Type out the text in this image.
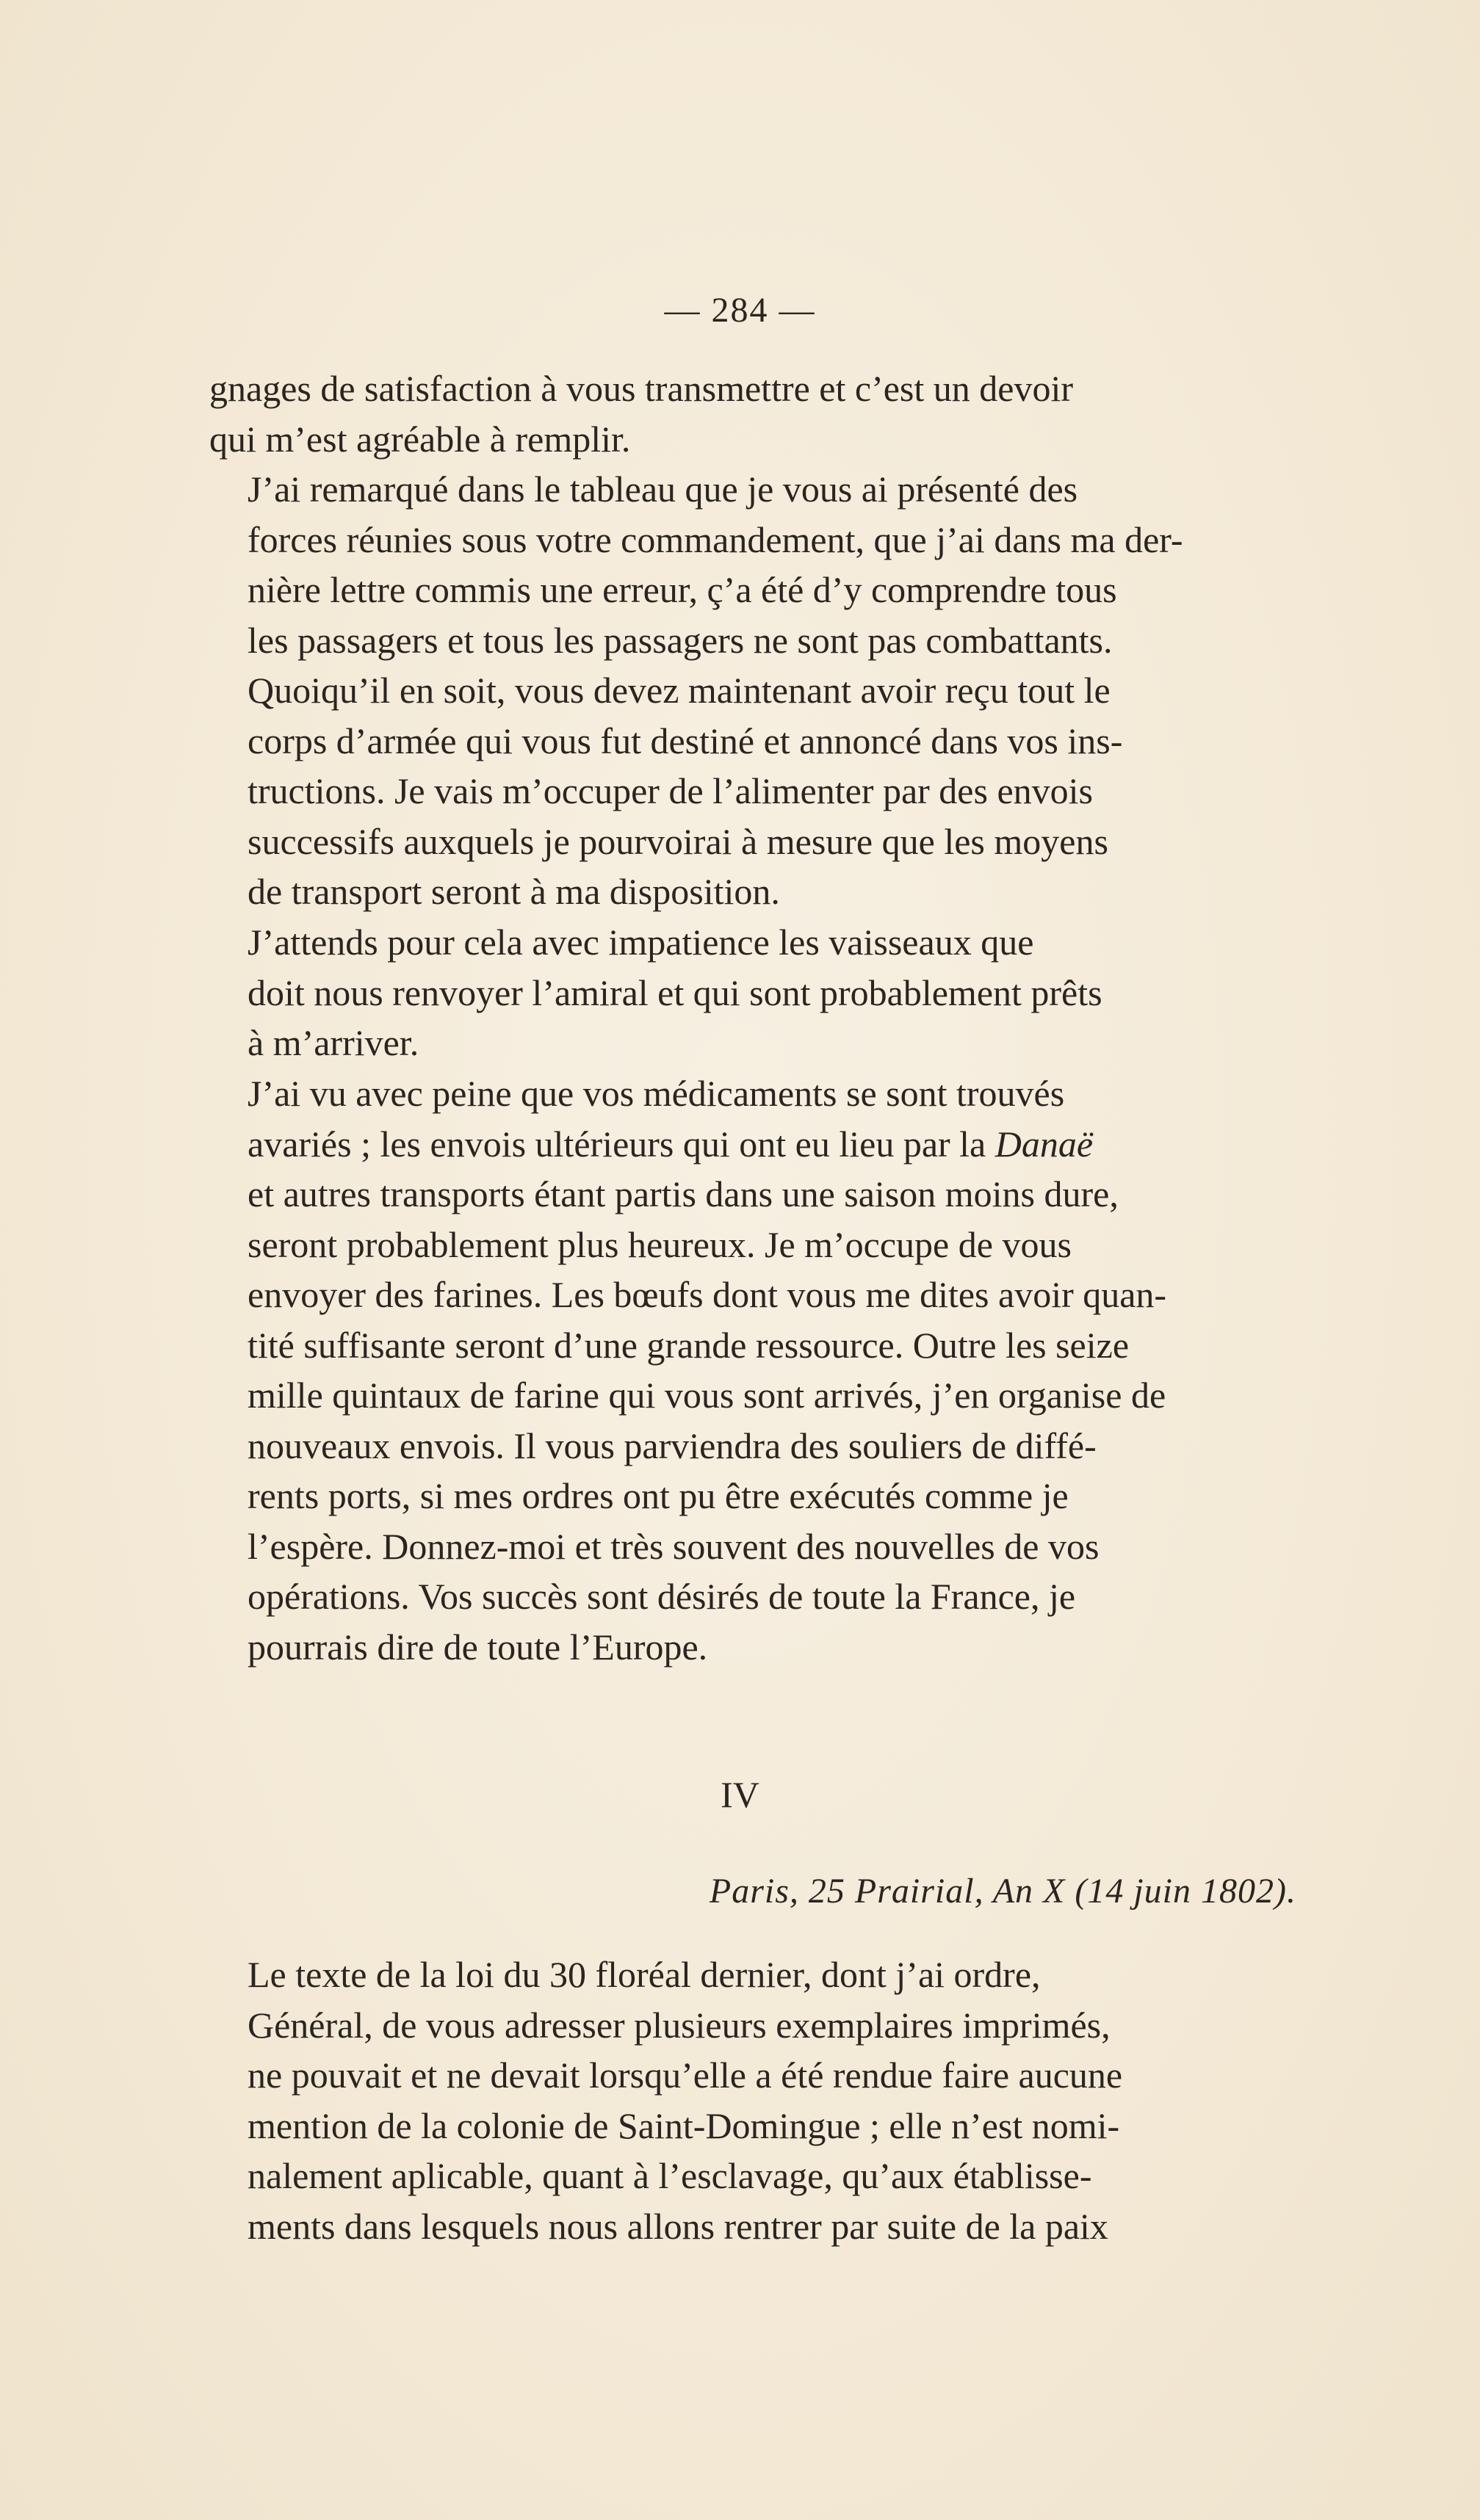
— 284 —

gnages de satisfaction à vous transmettre et c’est un devoir
qui m’est agréable à remplir.

J’ai remarqué dans le tableau que je vous ai présenté des
forces réunies sous votre commandement, que j’ai dans ma der-
nière lettre commis une erreur, ç’a été d’y comprendre tous
les passagers et tous les passagers ne sont pas combattants.
Quoiqu’il en soit, vous devez maintenant avoir reçu tout le
corps d’armée qui vous fut destiné et annoncé dans vos ins-
tructions. Je vais m’occuper de l’alimenter par des envois
successifs auxquels je pourvoirai à mesure que les moyens
de transport seront à ma disposition.

J’attends pour cela avec impatience les vaisseaux que
doit nous renvoyer l’amiral et qui sont probablement prêts
à m’arriver.

J’ai vu avec peine que vos médicaments se sont trouvés
avariés ; les envois ultérieurs qui ont eu lieu par la Danaë
et autres transports étant partis dans une saison moins dure,
seront probablement plus heureux. Je m’occupe de vous
envoyer des farines. Les bœufs dont vous me dites avoir quan-
tité suffisante seront d’une grande ressource. Outre les seize
mille quintaux de farine qui vous sont arrivés, j’en organise de
nouveaux envois. Il vous parviendra des souliers de diffé-
rents ports, si mes ordres ont pu être exécutés comme je
l’espère. Donnez-moi et très souvent des nouvelles de vos
opérations. Vos succès sont désirés de toute la France, je
pourrais dire de toute l’Europe.

IV
Paris, 25 Prairial, An X (14 juin 1802).

Le texte de la loi du 30 floréal dernier, dont j’ai ordre,
Général, de vous adresser plusieurs exemplaires imprimés,
ne pouvait et ne devait lorsqu’elle a été rendue faire aucune
mention de la colonie de Saint-Domingue ; elle n’est nomi-
nalement aplicable, quant à l’esclavage, qu’aux établisse-
ments dans lesquels nous allons rentrer par suite de la paix
